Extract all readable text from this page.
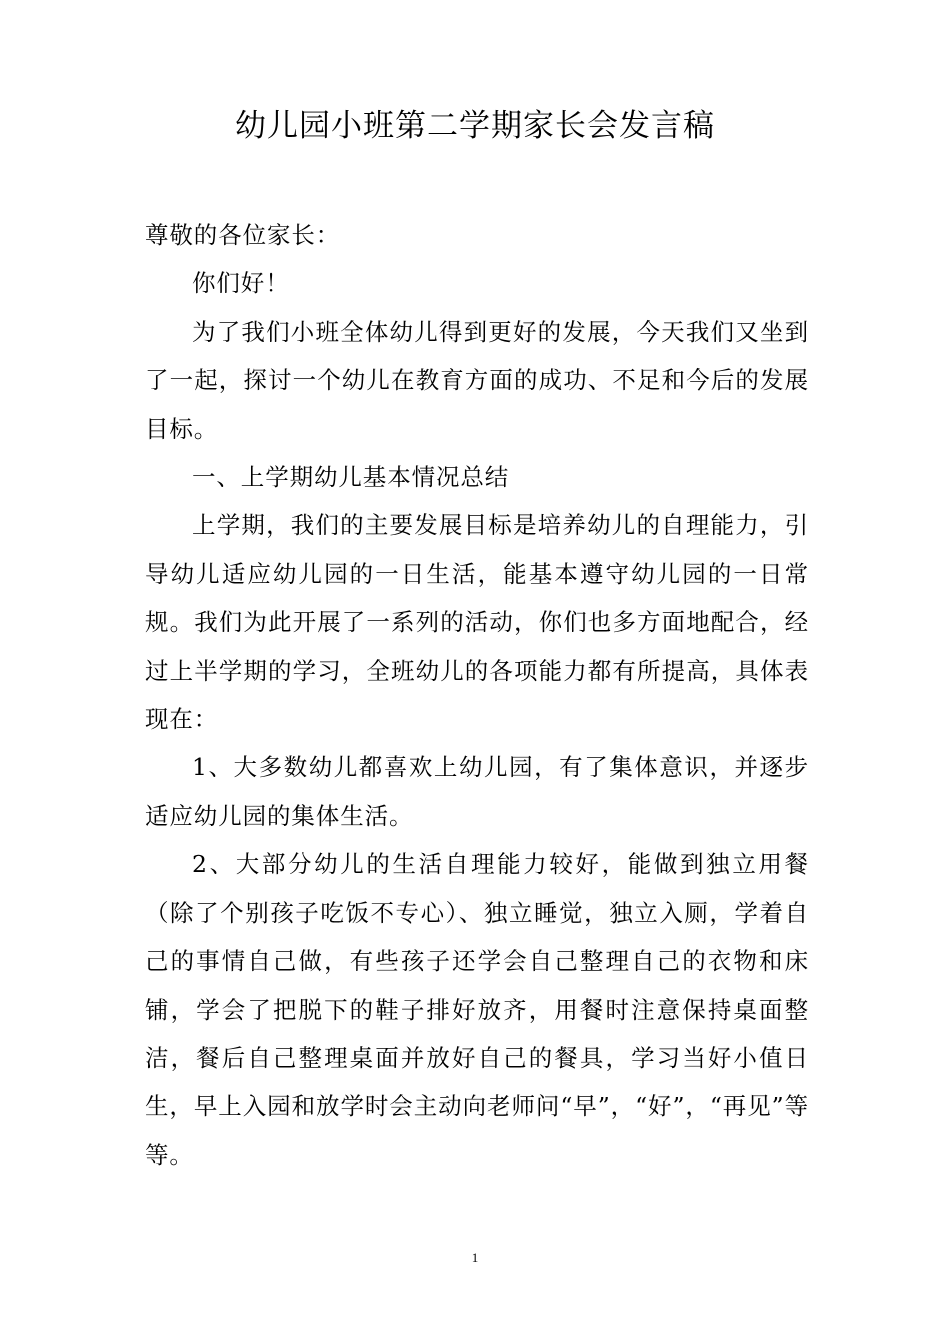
幼儿园小班第二学期家长会发言稿

尊敬的各位家长：

你们好！

为了我们小班全体幼儿得到更好的发展，今天我们又坐到了一起，探讨一个幼儿在教育方面的成功、不足和今后的发展目标。

一、上学期幼儿基本情况总结

上学期，我们的主要发展目标是培养幼儿的自理能力，引导幼儿适应幼儿园的一日生活，能基本遵守幼儿园的一日常规。我们为此开展了一系列的活动，你们也多方面地配合，经过上半学期的学习，全班幼儿的各项能力都有所提高，具体表现在：

1、大多数幼儿都喜欢上幼儿园，有了集体意识，并逐步适应幼儿园的集体生活。

2、大部分幼儿的生活自理能力较好，能做到独立用餐（除了个别孩子吃饭不专心）、独立睡觉，独立入厕，学着自己的事情自己做，有些孩子还学会自己整理自己的衣物和床铺，学会了把脱下的鞋子排好放齐，用餐时注意保持桌面整洁，餐后自己整理桌面并放好自己的餐具，学习当好小值日生，早上入园和放学时会主动向老师问“早”，“好”，“再见”等等。

1
